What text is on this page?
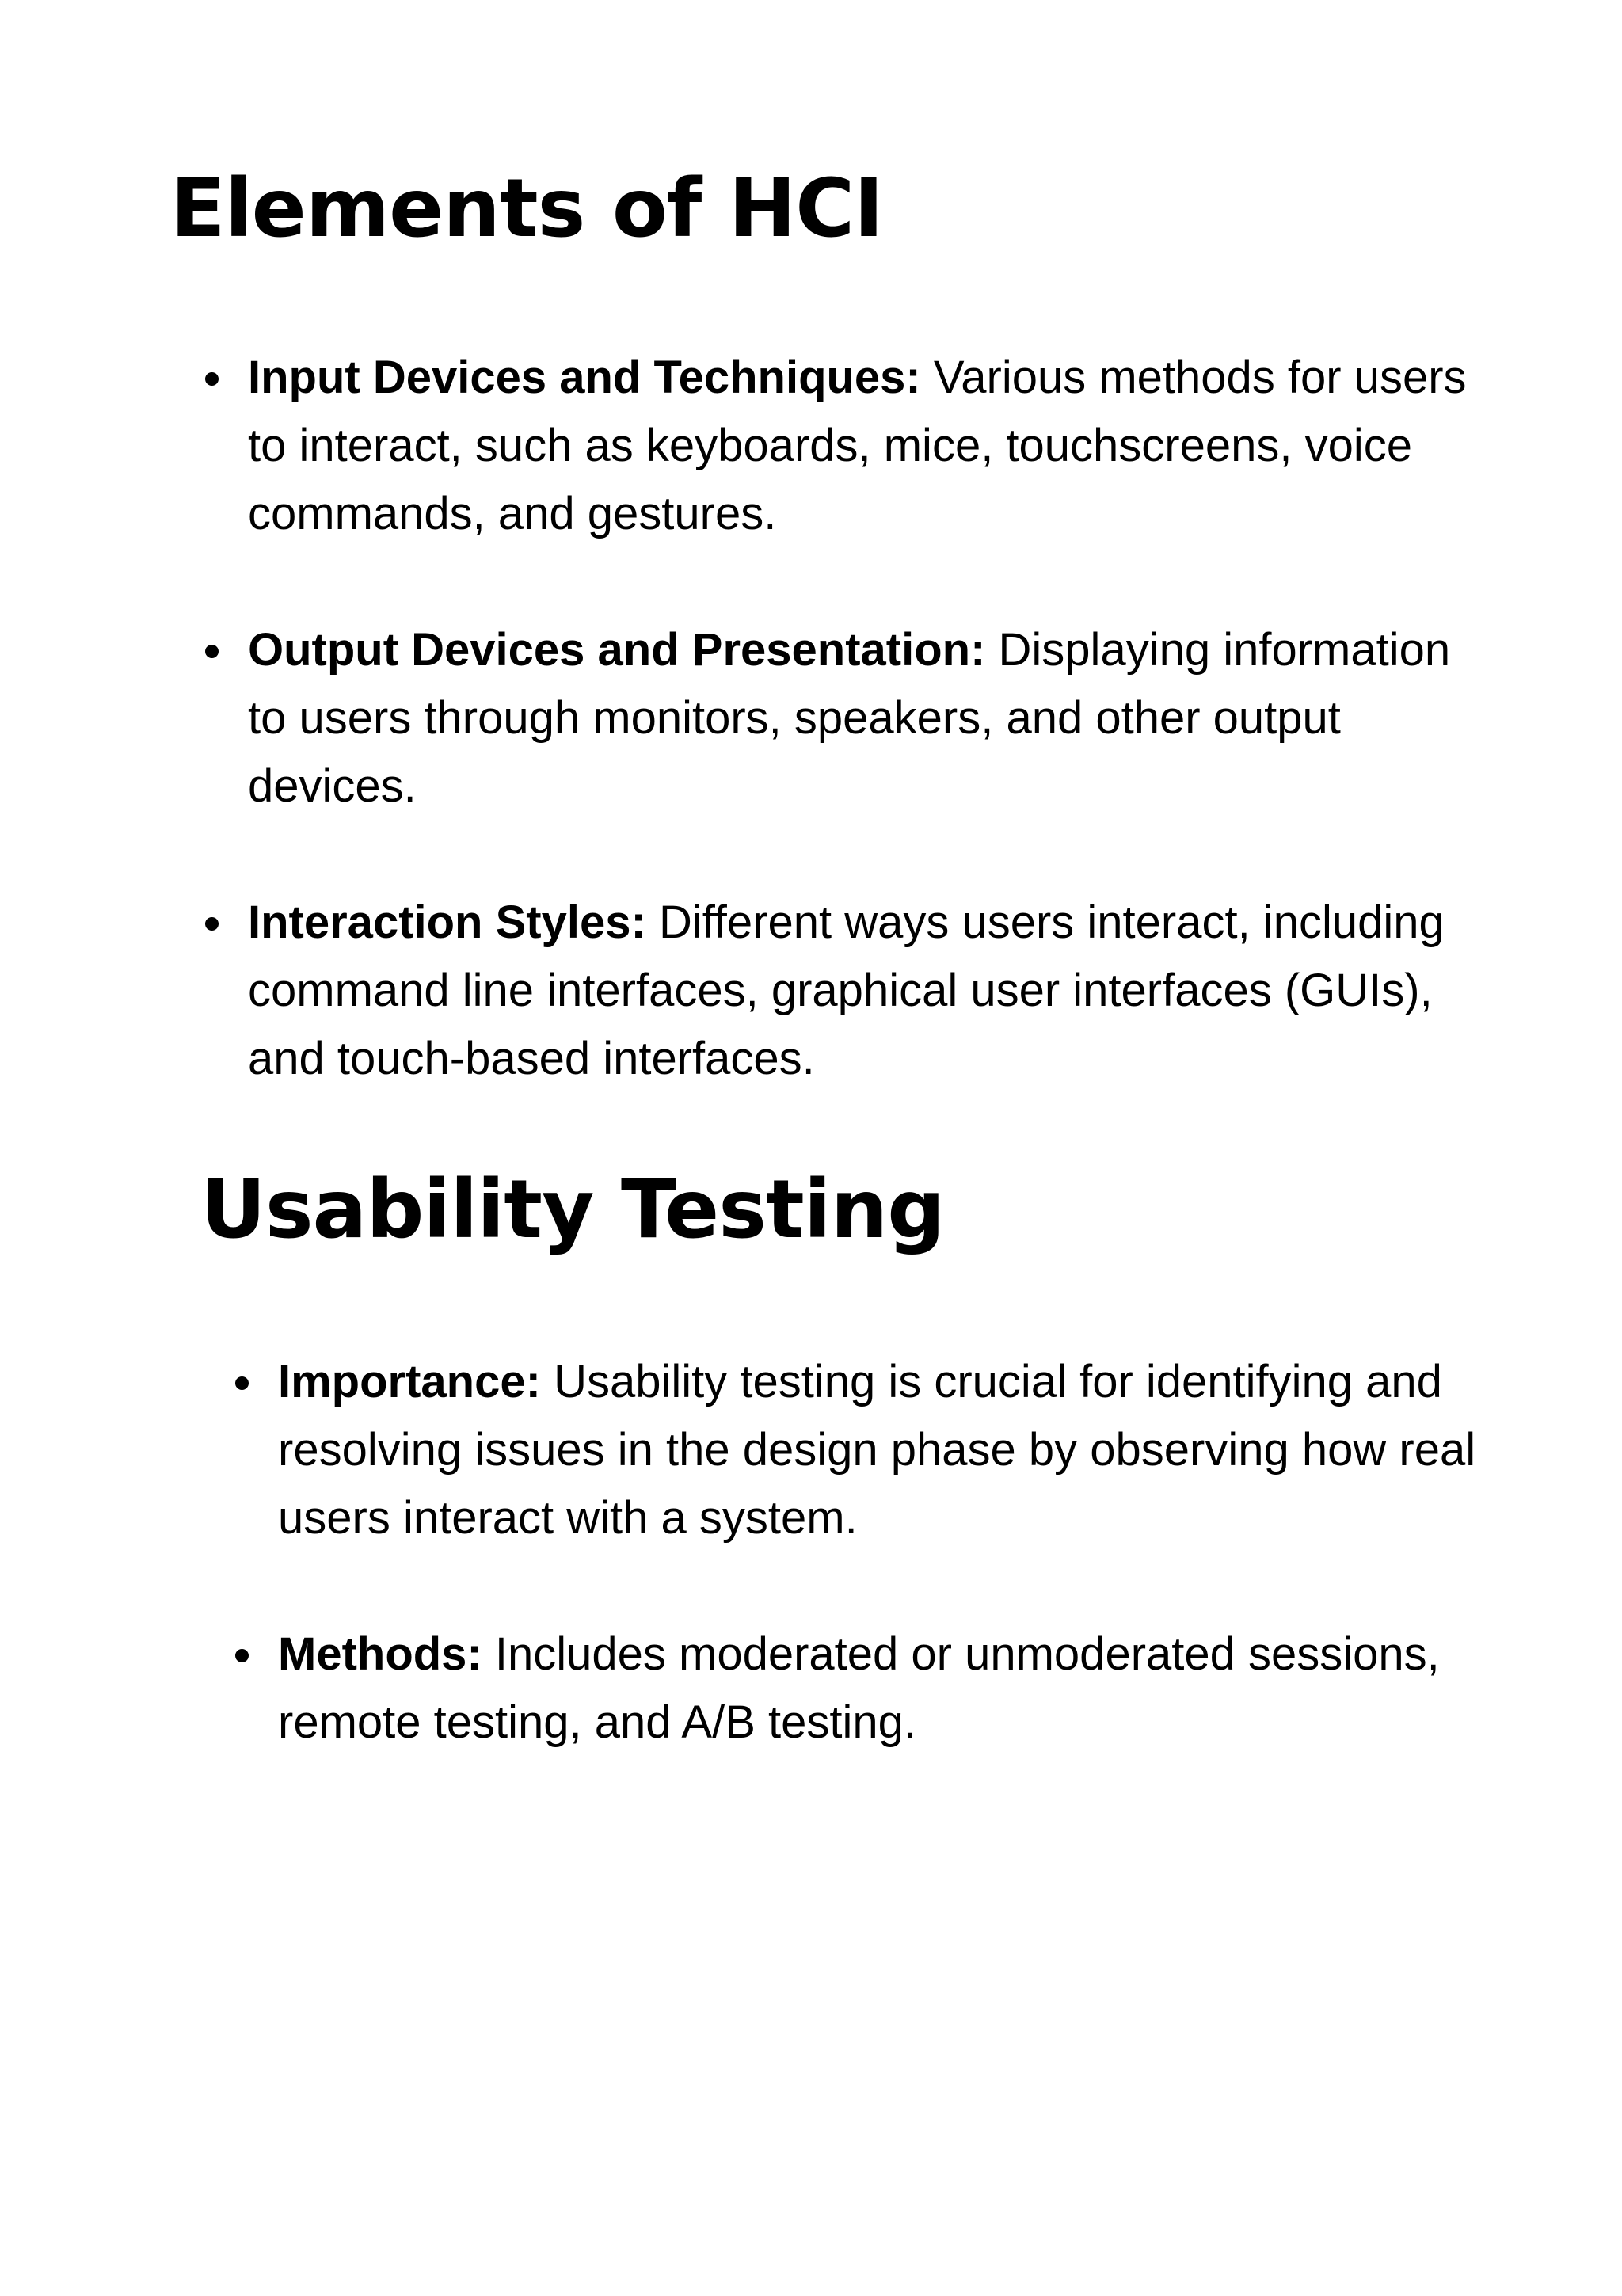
Elements of HCI
Input Devices and Techniques: Various methods for users to interact, such as keyboards, mice, touchscreens, voice commands, and gestures.
Output Devices and Presentation: Displaying information to users through monitors, speakers, and other output devices.
Interaction Styles: Different ways users interact, including command line interfaces, graphical user interfaces (GUIs), and touch-based interfaces.
Usability Testing
Importance: Usability testing is crucial for identifying and resolving issues in the design phase by observing how real users interact with a system.
Methods: Includes moderated or unmoderated sessions, remote testing, and A/B testing.
